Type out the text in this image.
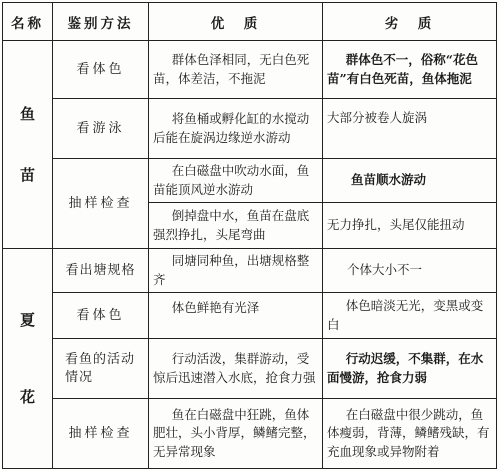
名称	鉴别方法	优　质	劣　质

鱼
苗	看体色	群体色泽相同，无白色死苗，体差洁，不拖泥	群体色不一，俗称“花色苗”有白色死苗，鱼体拖泥
	看游泳	将鱼桶或孵化缸的水搅动后能在旋涡边缘逆水游动	大部分被卷人旋涡
	抽样检查	在白磁盘中吹动水面，鱼苗能顶风逆水游动	鱼苗顺水游动
		倒掉盘中水，鱼苗在盘底强烈挣扎，头尾弯曲	无力挣扎，头尾仅能扭动

夏
花	看出塘规格	同塘同种鱼，出塘规格整齐	个体大小不一
	看体色	体色鲜艳有光泽	体色暗淡无光，变黑或变白
	看鱼的活动情况	行动活泼，集群游动，受惊后迅速潜入水底，抢食力强	行动迟缓，不集群，在水面慢游，抢食力弱
	抽样检查	鱼在白磁盘中狂跳，鱼体肥壮，头小背厚，鳞鳍完整，无异常现象	在白磁盘中很少跳动，鱼体瘦弱，背薄，鳞鳍残缺，有充血现象或异物附着
